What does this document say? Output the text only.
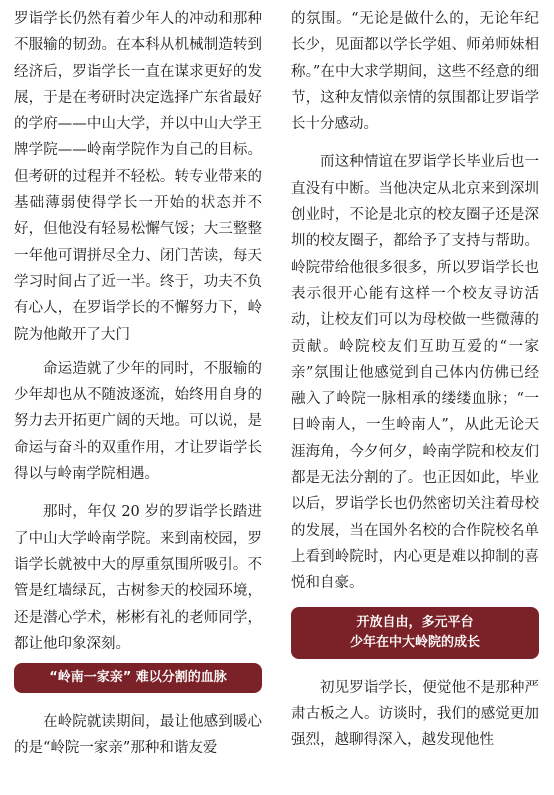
罗诣学长仍然有着少年人的冲动和那种不服输的韧劲。在本科从机械制造转到经济后，罗诣学长一直在谋求更好的发展，于是在考研时决定选择广东省最好的学府——中山大学，并以中山大学王牌学院——岭南学院作为自己的目标。但考研的过程并不轻松。转专业带来的基础薄弱使得学长一开始的状态并不好，但他没有轻易松懈气馁；大三整整一年他可谓拼尽全力、闭门苦读，每天学习时间占了近一半。终于，功夫不负有心人，在罗诣学长的不懈努力下，岭院为他敞开了大门

命运造就了少年的同时，不服输的少年却也从不随波逐流，始终用自身的努力去开拓更广阔的天地。可以说，是命运与奋斗的双重作用，才让罗诣学长得以与岭南学院相遇。

那时，年仅 20 岁的罗诣学长踏进了中山大学岭南学院。来到南校园，罗诣学长就被中大的厚重氛围所吸引。不管是红墙绿瓦，古树参天的校园环境，还是潜心学术，彬彬有礼的老师同学，都让他印象深刻。

“岭南一家亲” 难以分割的血脉

在岭院就读期间，最让他感到暖心的是“岭院一家亲”那种和谐友爱

的氛围。“无论是做什么的，无论年纪长少，见面都以学长学姐、师弟师妹相称。”在中大求学期间，这些不经意的细节，这种友情似亲情的氛围都让罗诣学长十分感动。

而这种情谊在罗诣学长毕业后也一直没有中断。当他决定从北京来到深圳创业时，不论是北京的校友圈子还是深圳的校友圈子，都给予了支持与帮助。岭院带给他很多很多，所以罗诣学长也表示很开心能有这样一个校友寻访活动，让校友们可以为母校做一些微薄的贡献。岭院校友们互助互爱的“一家亲”氛围让他感觉到自己体内仿佛已经融入了岭院一脉相承的缕缕血脉；“一日岭南人，一生岭南人”，从此无论天涯海角，今夕何夕，岭南学院和校友们都是无法分割的了。也正因如此，毕业以后，罗诣学长也仍然密切关注着母校的发展，当在国外名校的合作院校名单上看到岭院时，内心更是难以抑制的喜悦和自豪。

开放自由，多元平台
少年在中大岭院的成长

初见罗诣学长，便觉他不是那种严肃古板之人。访谈时，我们的感觉更加强烈，越聊得深入，越发现他性
